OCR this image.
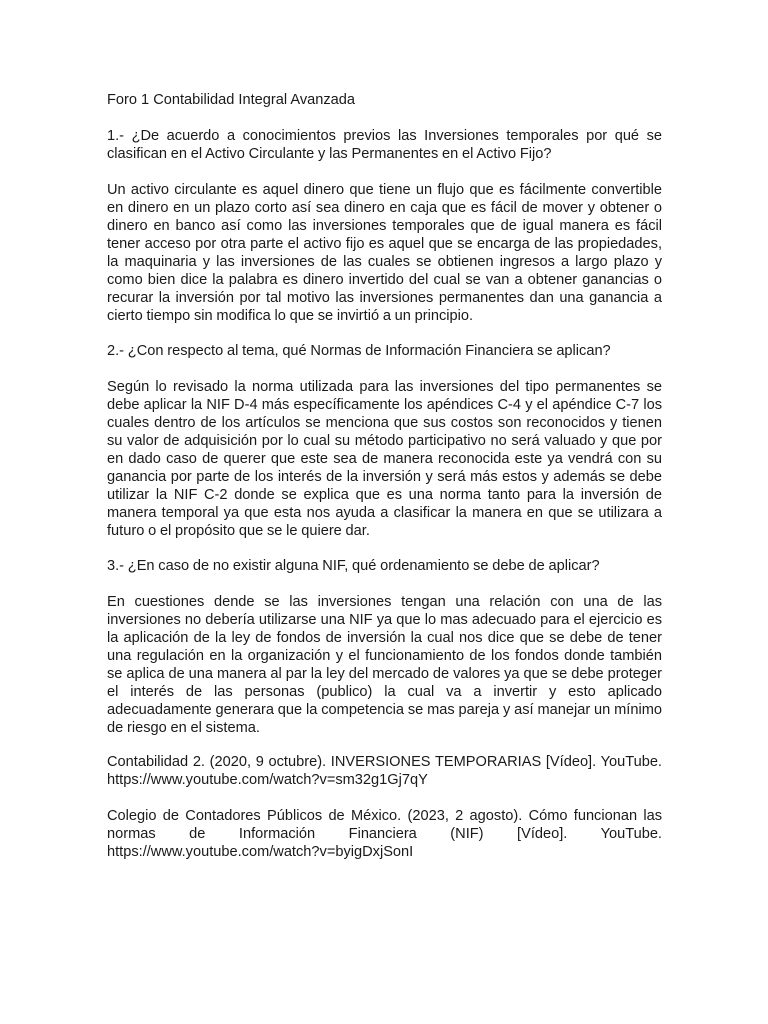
Foro 1 Contabilidad Integral Avanzada

1.- ¿De acuerdo a conocimientos previos las Inversiones temporales por qué se clasifican en el Activo Circulante y las Permanentes en el Activo Fijo?

Un activo circulante es aquel dinero que tiene un flujo que es fácilmente convertible en dinero en un plazo corto así sea dinero en caja que es fácil de mover y obtener o dinero en banco así como las inversiones temporales que de igual manera es fácil tener acceso por otra parte el activo fijo es aquel que se encarga de las propiedades, la maquinaria y las inversiones de las cuales se obtienen ingresos a largo plazo y como bien dice la palabra es dinero invertido del cual se van a obtener ganancias o recurar la inversión por tal motivo las inversiones permanentes dan una ganancia a cierto tiempo sin modifica lo que se invirtió a un principio.

2.- ¿Con respecto al tema, qué Normas de Información Financiera se aplican?

Según lo revisado la norma utilizada para las inversiones del tipo permanentes se debe aplicar la NIF D-4 más específicamente los apéndices C-4 y el apéndice C-7 los cuales dentro de los artículos se menciona que sus costos son reconocidos y tienen su valor de adquisición por lo cual su método participativo no será valuado y que por en dado caso de querer que este sea de manera reconocida este ya vendrá con su ganancia por parte de los interés de la inversión y será más estos y además se debe utilizar la NIF C-2 donde se explica que es una norma tanto para la inversión de manera temporal ya que esta nos ayuda a clasificar la manera en que se utilizara a futuro o el propósito que se le quiere dar.

3.- ¿En caso de no existir alguna NIF, qué ordenamiento se debe de aplicar?

En cuestiones dende se las inversiones tengan una relación con una de las inversiones no debería utilizarse una NIF ya que lo mas adecuado para el ejercicio es la aplicación de la ley de fondos de inversión la cual nos dice que se debe de tener una regulación en la organización y el funcionamiento de los fondos donde también se aplica de una manera al par la ley del mercado de valores ya que se debe proteger el interés de las personas (publico) la cual va a invertir y esto aplicado adecuadamente generara que la competencia se mas pareja y así manejar un mínimo de riesgo en el sistema.

Contabilidad 2. (2020, 9 octubre). INVERSIONES TEMPORARIAS [Vídeo]. YouTube. https://www.youtube.com/watch?v=sm32g1Gj7qY

Colegio de Contadores Públicos de México. (2023, 2 agosto). Cómo funcionan las normas de Información Financiera (NIF) [Vídeo]. YouTube. https://www.youtube.com/watch?v=byigDxjSonI
